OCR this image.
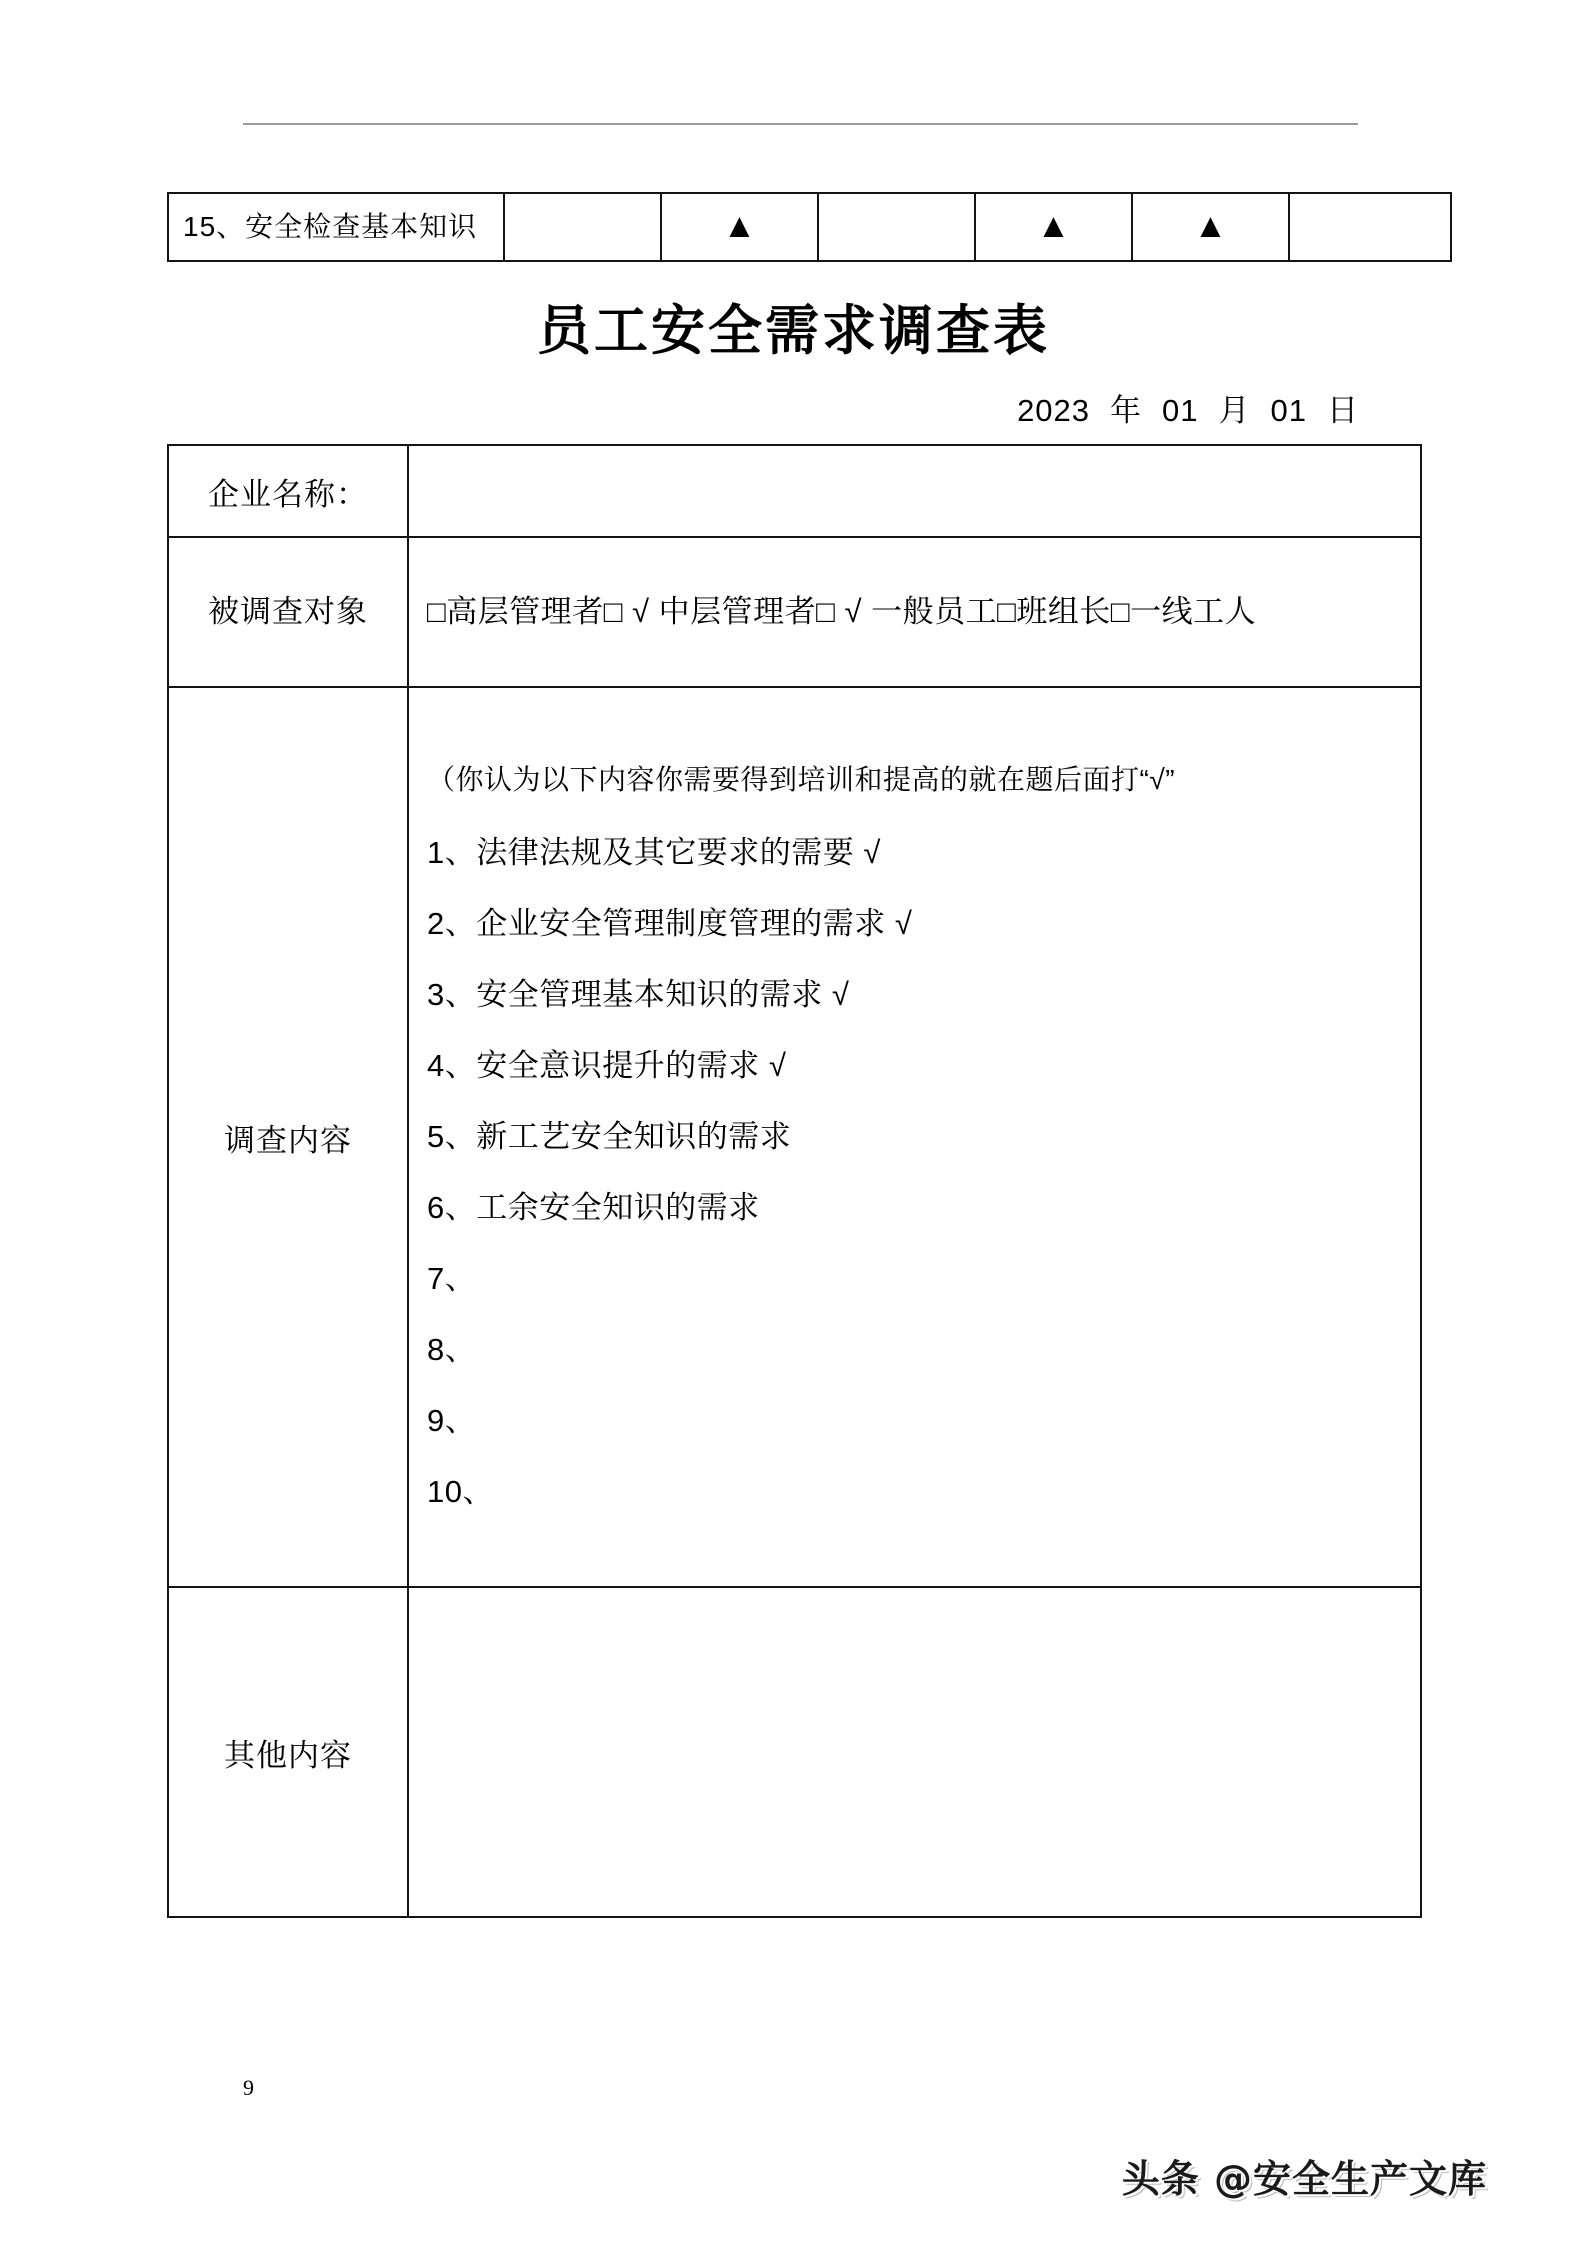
15、安全检查基本知识		▲		▲	▲	
员工安全需求调查表
2023 年 01 月 01 日
企业名称：	
被调查对象	□高层管理者□ √ 中层管理者□ √ 一般员工□班组长□一线工人
调查内容	
（你认为以下内容你需要得到培训和提高的就在题后面打“√”
1、法律法规及其它要求的需要 √
2、企业安全管理制度管理的需求 √
3、安全管理基本知识的需求 √
4、安全意识提升的需求 √
5、新工艺安全知识的需求
6、工余安全知识的需求
7、
8、
9、
10、

其他内容	
9
头条 @安全生产文库
